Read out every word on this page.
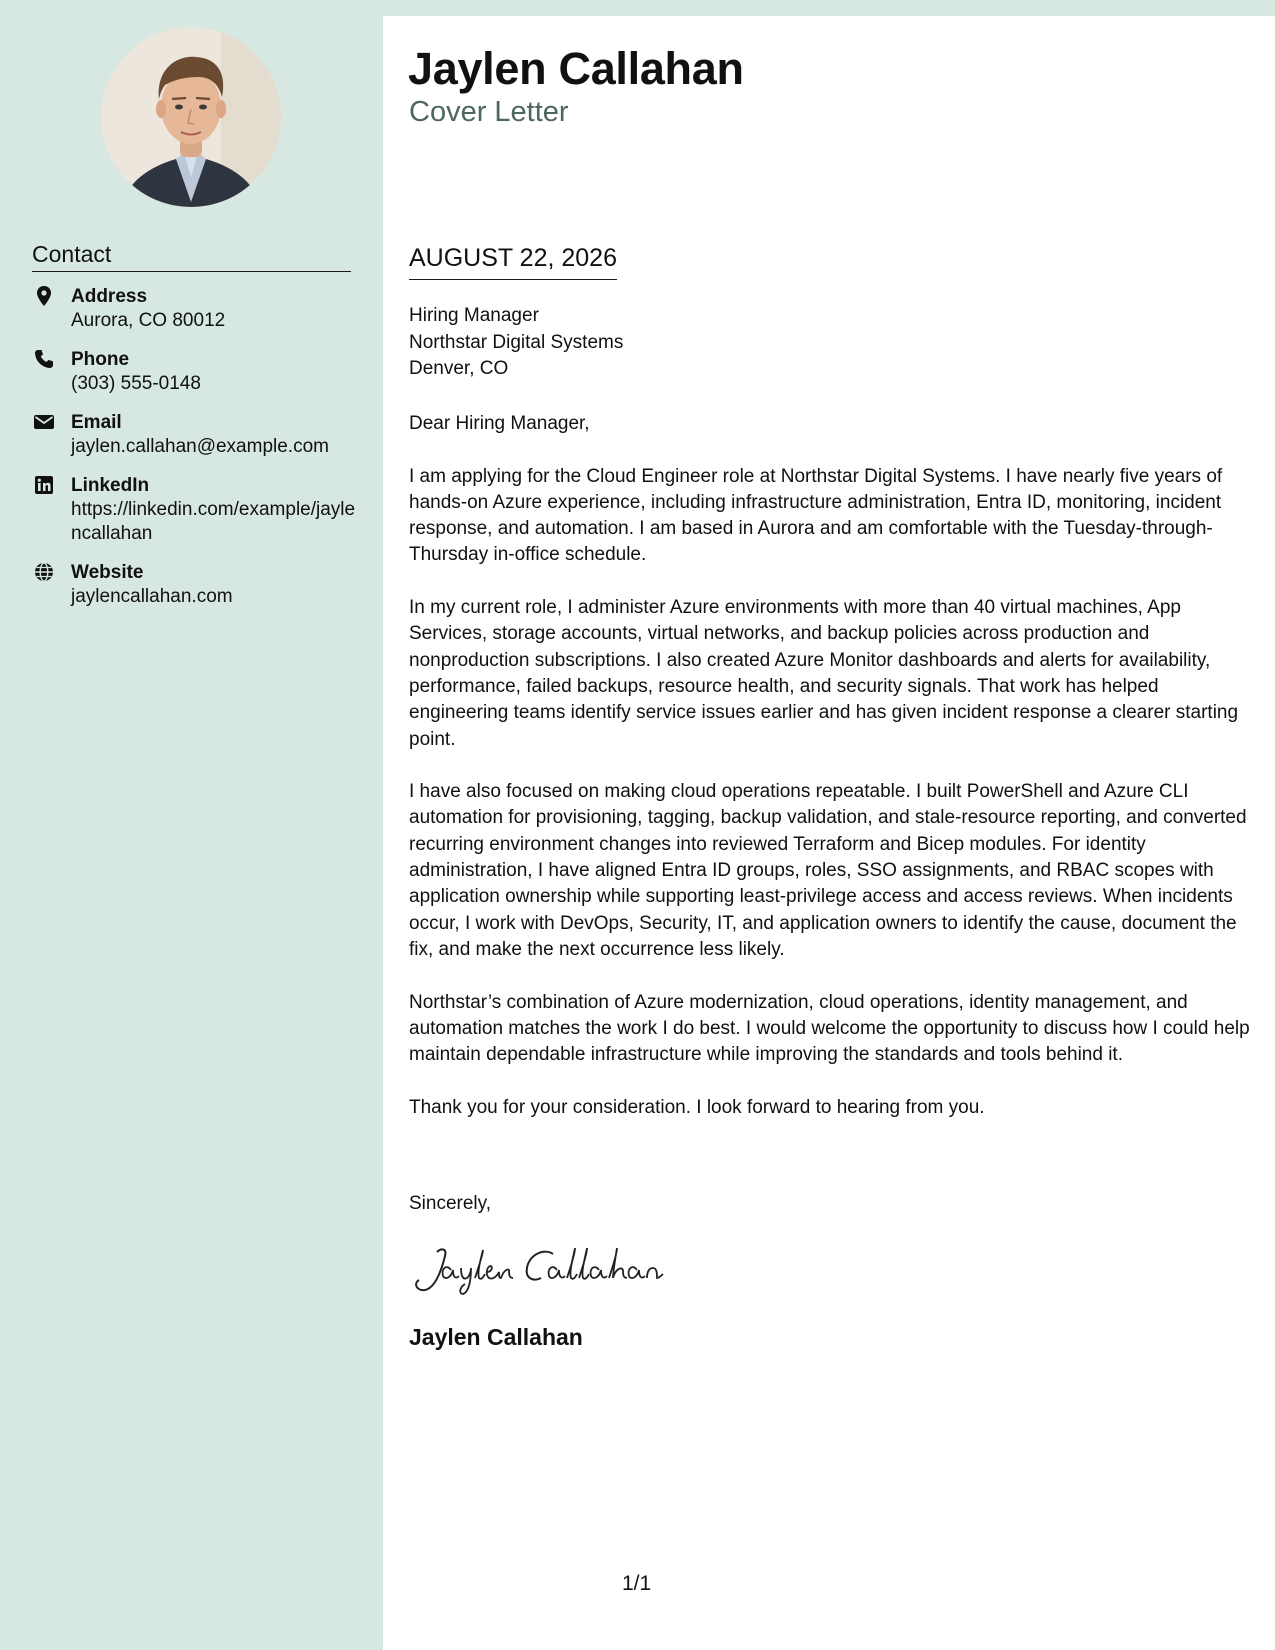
Contact
Address
Aurora, CO 80012
Phone
(303) 555-0148
Email
jaylen.callahan@example.com
LinkedIn
https://linkedin.com/example/jaylencallahan
Website
jaylencallahan.com
Jaylen Callahan
Cover Letter
AUGUST 22, 2026
Hiring Manager
Northstar Digital Systems
Denver, CO

Dear Hiring Manager,

I am applying for the Cloud Engineer role at Northstar Digital Systems. I have nearly five years of hands-on Azure experience, including infrastructure administration, Entra ID, monitoring, incident response, and automation. I am based in Aurora and am comfortable with the Tuesday-through-Thursday in-office schedule.

In my current role, I administer Azure environments with more than 40 virtual machines, App Services, storage accounts, virtual networks, and backup policies across production and nonproduction subscriptions. I also created Azure Monitor dashboards and alerts for availability, performance, failed backups, resource health, and security signals. That work has helped engineering teams identify service issues earlier and has given incident response a clearer starting point.

I have also focused on making cloud operations repeatable. I built PowerShell and Azure CLI automation for provisioning, tagging, backup validation, and stale-resource reporting, and converted recurring environment changes into reviewed Terraform and Bicep modules. For identity administration, I have aligned Entra ID groups, roles, SSO assignments, and RBAC scopes with application ownership while supporting least-privilege access and access reviews. When incidents occur, I work with DevOps, Security, IT, and application owners to identify the cause, document the fix, and make the next occurrence less likely.

Northstar’s combination of Azure modernization, cloud operations, identity management, and automation matches the work I do best. I would welcome the opportunity to discuss how I could help maintain dependable infrastructure while improving the standards and tools behind it.

Thank you for your consideration. I look forward to hearing from you.

Sincerely,
Jaylen Callahan
1/1
